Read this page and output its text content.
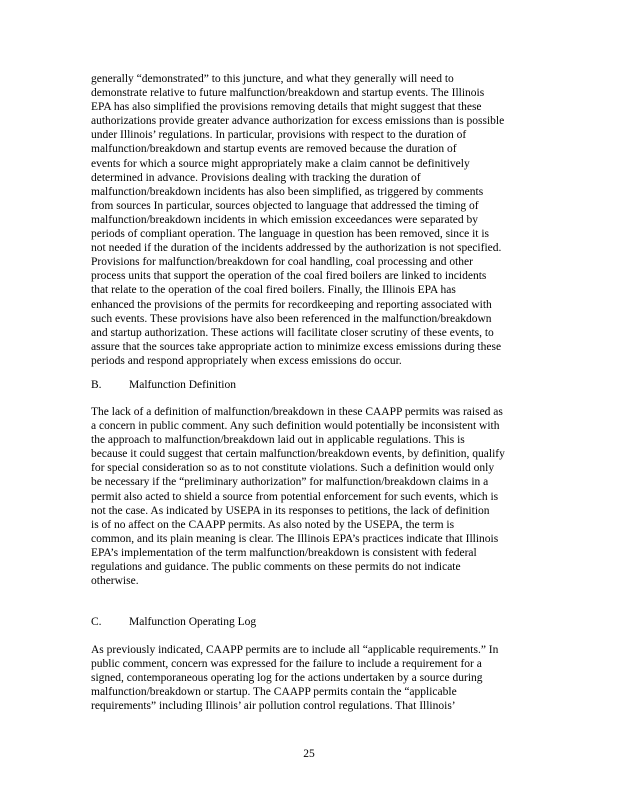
generally “demonstrated” to this juncture, and what they generally will need to
demonstrate relative to future malfunction/breakdown and startup events. The Illinois
EPA has also simplified the provisions removing details that might suggest that these
authorizations provide greater advance authorization for excess emissions than is possible
under Illinois’ regulations. In particular, provisions with respect to the duration of
malfunction/breakdown and startup events are removed because the duration of
events for which a source might appropriately make a claim cannot be definitively
determined in advance. Provisions dealing with tracking the duration of
malfunction/breakdown incidents has also been simplified, as triggered by comments
from sources In particular, sources objected to language that addressed the timing of
malfunction/breakdown incidents in which emission exceedances were separated by
periods of compliant operation. The language in question has been removed, since it is
not needed if the duration of the incidents addressed by the authorization is not specified.
Provisions for malfunction/breakdown for coal handling, coal processing and other
process units that support the operation of the coal fired boilers are linked to incidents
that relate to the operation of the coal fired boilers. Finally, the Illinois EPA has
enhanced the provisions of the permits for recordkeeping and reporting associated with
such events. These provisions have also been referenced in the malfunction/breakdown
and startup authorization. These actions will facilitate closer scrutiny of these events, to
assure that the sources take appropriate action to minimize excess emissions during these
periods and respond appropriately when excess emissions do occur.
B. Malfunction Definition
The lack of a definition of malfunction/breakdown in these CAAPP permits was raised as
a concern in public comment. Any such definition would potentially be inconsistent with
the approach to malfunction/breakdown laid out in applicable regulations. This is
because it could suggest that certain malfunction/breakdown events, by definition, qualify
for special consideration so as to not constitute violations. Such a definition would only
be necessary if the “preliminary authorization” for malfunction/breakdown claims in a
permit also acted to shield a source from potential enforcement for such events, which is
not the case. As indicated by USEPA in its responses to petitions, the lack of definition
is of no affect on the CAAPP permits. As also noted by the USEPA, the term is
common, and its plain meaning is clear. The Illinois EPA’s practices indicate that Illinois
EPA’s implementation of the term malfunction/breakdown is consistent with federal
regulations and guidance. The public comments on these permits do not indicate
otherwise.
C. Malfunction Operating Log
As previously indicated, CAAPP permits are to include all “applicable requirements.” In
public comment, concern was expressed for the failure to include a requirement for a
signed, contemporaneous operating log for the actions undertaken by a source during
malfunction/breakdown or startup. The CAAPP permits contain the “applicable
requirements” including Illinois’ air pollution control regulations. That Illinois’
25
